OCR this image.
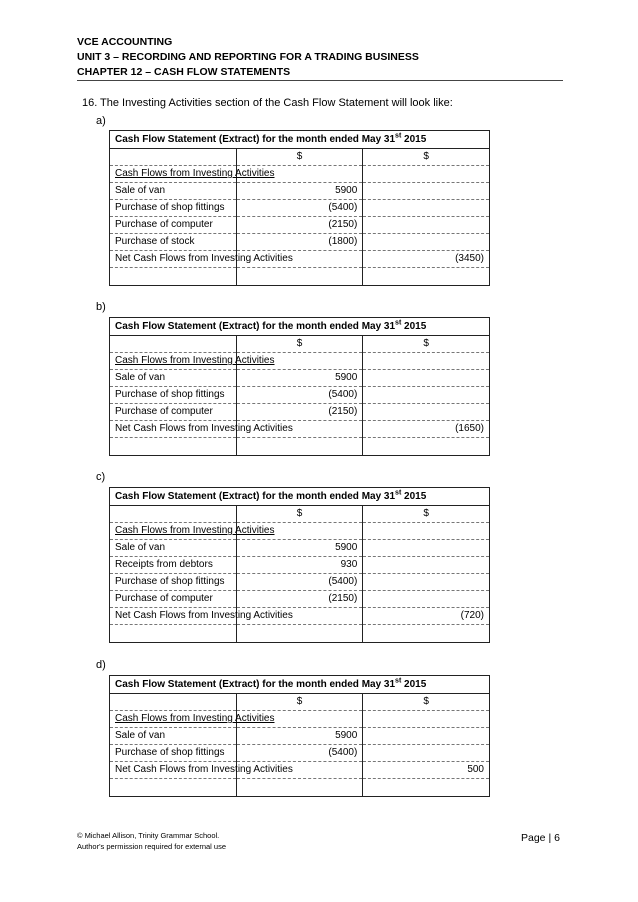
VCE ACCOUNTING
UNIT 3 – RECORDING AND REPORTING FOR A TRADING BUSINESS
CHAPTER 12 – CASH FLOW STATEMENTS
16. The Investing Activities section of the Cash Flow Statement will look like:
a)
Cash Flow Statement (Extract) for the month ended May 31st 2015		
	$	$
Cash Flows from Investing Activities		
Sale of van	5900	
Purchase of shop fittings	(5400)	
Purchase of computer	(2150)	
Purchase of stock	(1800)	
Net Cash Flows from Investing Activities		(3450)

b)
Cash Flow Statement (Extract) for the month ended May 31st 2015		
	$	$
Cash Flows from Investing Activities		
Sale of van	5900	
Purchase of shop fittings	(5400)	
Purchase of computer	(2150)	
Net Cash Flows from Investing Activities		(1650)

c)
Cash Flow Statement (Extract) for the month ended May 31st 2015		
	$	$
Cash Flows from Investing Activities		
Sale of van	5900	
Receipts from debtors	930	
Purchase of shop fittings	(5400)	
Purchase of computer	(2150)	
Net Cash Flows from Investing Activities		(720)

d)
Cash Flow Statement (Extract) for the month ended May 31st 2015		
	$	$
Cash Flows from Investing Activities		
Sale of van	5900	
Purchase of shop fittings	(5400)	
Net Cash Flows from Investing Activities		500

© Michael Allison, Trinity Grammar School.
Author's permission required for external use
Page | 6
